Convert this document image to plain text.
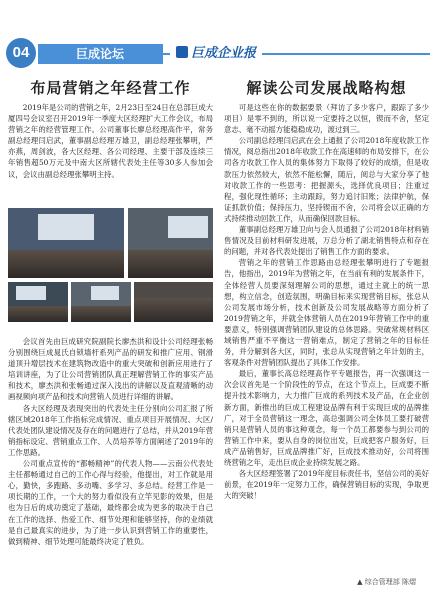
04	巨成论坛	巨成企业报
布局营销之年经营工作

2019年是公司的营销之年，2月23日至24日在总部巨成大厦四号会议室召开2019年一季度大区经理扩大工作会议，布局营销之年的经营管理工作。公司董事长廖总经理高作平，常务副总经理闫启武，董事副总经理万雄卫，副总经理张攀明，严亦燕，周剑波，各大区经理、各公司经理、主要干部及连续三年销售超50万元及中南大区所辖代表处主任等30多人参加会议，会议由副总经理张攀明主持。

会议首先由巨成研究院副院长廖杰洪和设计公司经理张畅分别围绕巨成晁氏自锁墙杆系列产品的研发和推广应用、钢滑道顶升增层技术在建筑物改造中的重大突破和创新应用进行了培训讲座，为了让公司营销团队真正理解营销工作的事实产品和技术，廖杰洪和张畅通过深入浅出的讲解以及直观清晰的动画视频向项产品和技术向营销人员进行详细的讲解。

各大区经理及表现突出的代表处主任分别向公司汇报了所辖区域2018年工作指标完成情况、重点项目开展情况、大区/代表处团队建设情况及存在的问题进行了总结，并从2019年营销指标设定、营销重点工作、人员培养等方面阐述了2019年的工作思路。

公司重点宣传的“都畅精神”的代表人物——云南公代表处主任都畅通过自己的工作心得与经验，他提出，对工作就是用心，勤快，多跑路、多动嘴、多学习、多总结。经营工作是一项长期的工作，一个大的努力看似没有立竿见影的效果，但是也为日后的成功奠定了基础，最终都会成为更多的取决于自己在工作的选择、热爱工作、细节处理和能够坚持，你的业绩就是自己最真实的进步，为了进一步认识到营销工作的重要性，做到精神、细节处理可能最终决定了胜负。

解读公司发展战略构想

可是这些在你的数据要景（拜访了多少客户，跟踪了多少项目）是零不到的，所以说一定要持之以恒，锲而不舍，坚定意志、毫不动摇方能稳稳成功，渡过到三。

公司副总经理闫启武在会上通报了公司2018年度收款工作情况，阅总指出2018年收款工作在高速师的布局安排下，在公司各方收款工作人员的集体努力下取得了较好的成绩，但是收款压力依然较大，依然不能松懈，随后，阅总与大家分享了他对收款工作的一些思考：把握源头，选择优良项目；注重过程，强化现性循环；主动跟踪，努力追讨旧账；法律护航，保证抓款价值；保持压力，坚持锲而不舍，公司将会以正确的方式持续推动回款工作，从而确保回款目标。

董事副总经理万雄卫向与会人员通报了公司2018年材料销售情况及目前材料研发进展，万总分析了湖北销售特点和存在的问题，并对各代表处提出了销售工作方面的要求。

营销之年的营销工作思路由总经理张攀明进行了专题报告，他指出，2019年为营销之年，在当前有利的发展条件下，全体经营人员要深刻理解公司的思想，通过主就上的统一思想，构立信念，创造氛围，明确目标来实现营销目标，张总从公司发展市场分析，技术创新及公司发展战略等方面分析了2019营销之年，并就全体营销人员在2019年营销工作中的重要意义，特别强调营销团队建设的总体思路。突破常规材料区域销售严重不平衡这一营销难点，制定了营销之年的目标任务，并分解到各大区，同时，张总从实现营销之年计划的主，客观条件对营销团队提出了具体工作安排。

最后，董事长高总经理高作平专题报告，再一次强调这一次会议首先是一个阶段性的节点，在这个节点上，巨成要不断提升技术影响力，大力推广巨成的系列技术及产品，在企业创新方面，新推出的巨成工程建设品牌有利于实现巨成的品牌推广，对于全员营销这一理念，高总强调公司全体员工要打破营销只是营销人员的事这种观念，每一个员工都要参与到公司的营销工作中来，要从自身的岗位出发，巨成把客户服务好，巨成产品销售好，巨成品牌推广好，巨成技术推动好，公司将围绕营销之年，走出巨成企业持续发展之路。

各大区经理签署了2019年度目标责任书，坚信公司的美好前景，在2019年一定努力工作，确保营销目标的实现，争取更大的突破！

▲ 综合管理部 陈熠
